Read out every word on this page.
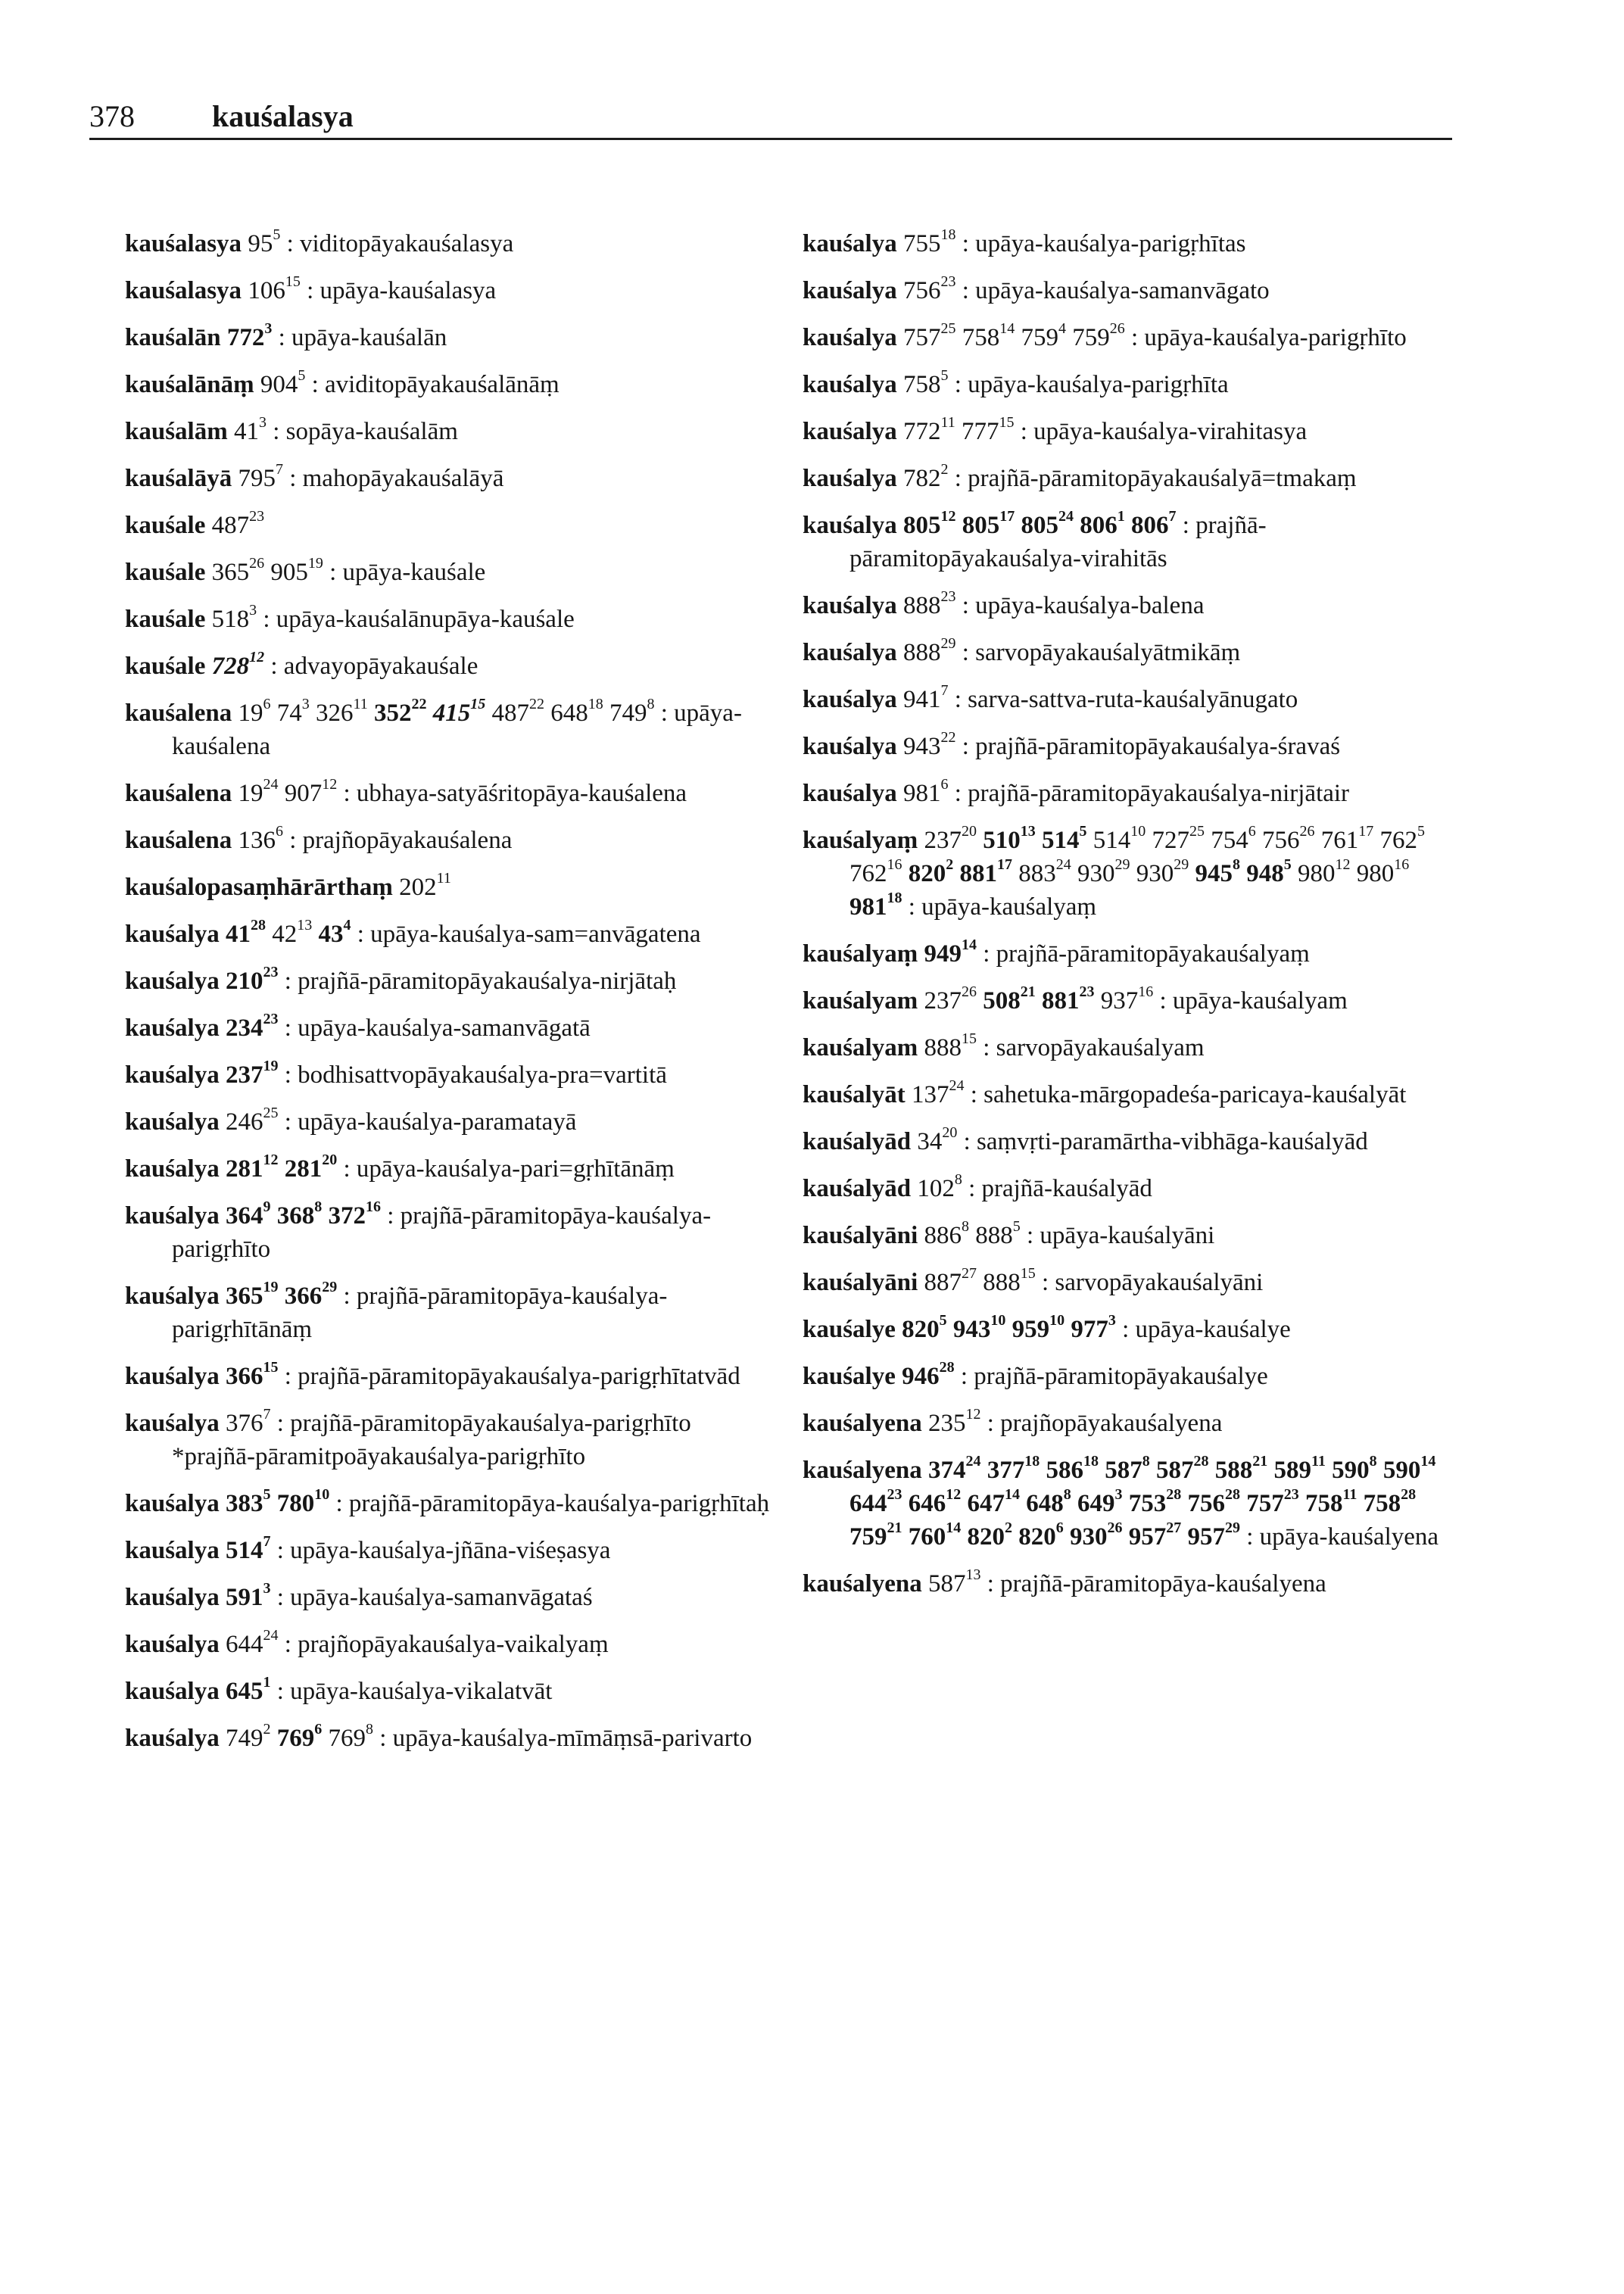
378	kauśalasya
kauśalasya $95^5$ : viditopāyakauśalasya
kauśalasya $106^{15}$ : upāya-kauśalasya
kauśalān $772^3$ : upāya-kauśalān
kauśalānāṃ $904^5$ : aviditopāyakauśalānāṃ
kauśalām $41^3$ : sopāya-kauśalām
kauśalāyā $795^7$ : mahopāyakauśalāyā
kauśale $487^{23}$
kauśale $365^{26}$ $905^{19}$ : upāya-kauśale
kauśale $518^3$ : upāya-kauśalānupāya-kauśale
kauśale $728^{12}$ : advayopāyakauśale
kauśalena $19^6$ $74^3$ $326^{11}$ $352^{22}$ $415^{15}$ $487^{22}$ $648^{18}$ $749^8$ : upāya-kauśalena
kauśalena $19^{24}$ $907^{12}$ : ubhaya-satyāśritopāya-kauśalena
kauśalena $136^6$ : prajñopāyakauśalena
kauśalopasaṃhārārthaṃ $202^{11}$
kauśalya $41^{28}$ $42^{13}$ $43^4$ : upāya-kauśalya-sam=anvāgatena
kauśalya $210^{23}$ : prajñā-pāramitopāyakauśalya-nirjātaḥ
kauśalya $234^{23}$ : upāya-kauśalya-samanvāgatā
kauśalya $237^{19}$ : bodhisattvopāyakauśalya-pra=vartitā
kauśalya $246^{25}$ : upāya-kauśalya-paramatayā
kauśalya $281^{12}$ $281^{20}$ : upāya-kauśalya-pari=gṛhītānāṃ
kauśalya $364^9$ $368^8$ $372^{16}$ : prajñā-pāramitopāya-kauśalya-parigṛhīto
kauśalya $365^{19}$ $366^{29}$ : prajñā-pāramitopāya-kauśalya-parigṛhītānāṃ
kauśalya $366^{15}$ : prajñā-pāramitopāyakauśalya-parigṛhītatvād
kauśalya $376^7$ : prajñā-pāramitopāyakauśalya-parigṛhīto *prajñā-pāramitpoāyakauśalya-parigṛhīto
kauśalya $383^5$ $780^{10}$ : prajñā-pāramitopāya-kauśalya-parigṛhītaḥ
kauśalya $514^7$ : upāya-kauśalya-jñāna-viśeṣasya
kauśalya $591^3$ : upāya-kauśalya-samanvāgataś
kauśalya $644^{24}$ : prajñopāyakauśalya-vaikalyaṃ
kauśalya $645^1$ : upāya-kauśalya-vikalatvāt
kauśalya $749^2$ $769^6$ $769^8$ : upāya-kauśalya-mīmāṃsā-parivarto
kauśalya $755^{18}$ : upāya-kauśalya-parigṛhītas
kauśalya $756^{23}$ : upāya-kauśalya-samanvāgato
kauśalya $757^{25}$ $758^{14}$ $759^4$ $759^{26}$ : upāya-kauśalya-parigṛhīto
kauśalya $758^5$ : upāya-kauśalya-parigṛhīta
kauśalya $772^{11}$ $777^{15}$ : upāya-kauśalya-virahitasya
kauśalya $782^2$ : prajñā-pāramitopāyakauśalyā=tmakaṃ
kauśalya $805^{12}$ $805^{17}$ $805^{24}$ $806^1$ $806^7$ : prajñā-pāramitopāyakauśalya-virahitās
kauśalya $888^{23}$ : upāya-kauśalya-balena
kauśalya $888^{29}$ : sarvopāyakauśalyātmikāṃ
kauśalya $941^7$ : sarva-sattva-ruta-kauśalyānugato
kauśalya $943^{22}$ : prajñā-pāramitopāyakauśalya-śravaś
kauśalya $981^6$ : prajñā-pāramitopāyakauśalya-nirjātair
kauśalyaṃ $237^{20}$ $510^{13}$ $514^5$ $514^{10}$ $727^{25}$ $754^6$ $756^{26}$ $761^{17}$ $762^5$ $762^{16}$ $820^2$ $881^{17}$ $883^{24}$ $930^{29}$ $930^{29}$ $945^8$ $948^5$ $980^{12}$ $980^{16}$ $981^{18}$ : upāya-kauśalyaṃ
kauśalyaṃ $949^{14}$ : prajñā-pāramitopāyakauśalyaṃ
kauśalyam $237^{26}$ $508^{21}$ $881^{23}$ $937^{16}$ : upāya-kauśalyam
kauśalyam $888^{15}$ : sarvopāyakauśalyam
kauśalyāt $137^{24}$ : sahetuka-mārgopadeśa-paricaya-kauśalyāt
kauśalyād $34^{20}$ : saṃvṛti-paramārtha-vibhāga-kauśalyād
kauśalyād $102^8$ : prajñā-kauśalyād
kauśalyāni $886^8$ $888^5$ : upāya-kauśalyāni
kauśalyāni $887^{27}$ $888^{15}$ : sarvopāyakauśalyāni
kauśalye $820^5$ $943^{10}$ $959^{10}$ $977^3$ : upāya-kauśalye
kauśalye $946^{28}$ : prajñā-pāramitopāyakauśalye
kauśalyena $235^{12}$ : prajñopāyakauśalyena
kauśalyena $374^{24}$ $377^{18}$ $586^{18}$ $587^8$ $587^{28}$ $588^{21}$ $589^{11}$ $590^8$ $590^{14}$ $644^{23}$ $646^{12}$ $647^{14}$ $648^8$ $649^3$ $753^{28}$ $756^{28}$ $757^{23}$ $758^{11}$ $758^{28}$ $759^{21}$ $760^{14}$ $820^2$ $820^6$ $930^{26}$ $957^{27}$ $957^{29}$ : upāya-kauśalyena
kauśalyena $587^{13}$ : prajñā-pāramitopāya-kauśalyena
